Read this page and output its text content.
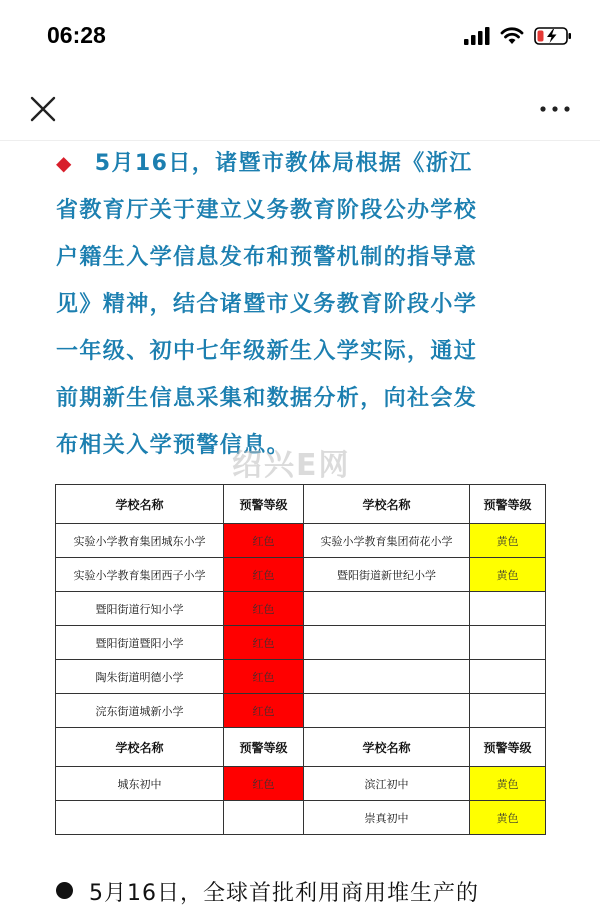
06:28

◆ 5月16日，诸暨市教体局根据《浙江
省教育厅关于建立义务教育阶段公办学校
户籍生入学信息发布和预警机制的指导意
见》精神，结合诸暨市义务教育阶段小学
一年级、初中七年级新生入学实际，通过
前期新生信息采集和数据分析，向社会发
布相关入学预警信息。

绍兴E网
学校名称	预警等级	学校名称	预警等级
实验小学教育集团城东小学	红色	实验小学教育集团荷花小学	黄色
实验小学教育集团西子小学	红色	暨阳街道新世纪小学	黄色
暨阳街道行知小学	红色		
暨阳街道暨阳小学	红色		
陶朱街道明德小学	红色		
浣东街道城新小学	红色		
学校名称	预警等级	学校名称	预警等级
城东初中	红色	滨江初中	黄色
		崇真初中	黄色
5月16日，全球首批利用商用堆生产的
